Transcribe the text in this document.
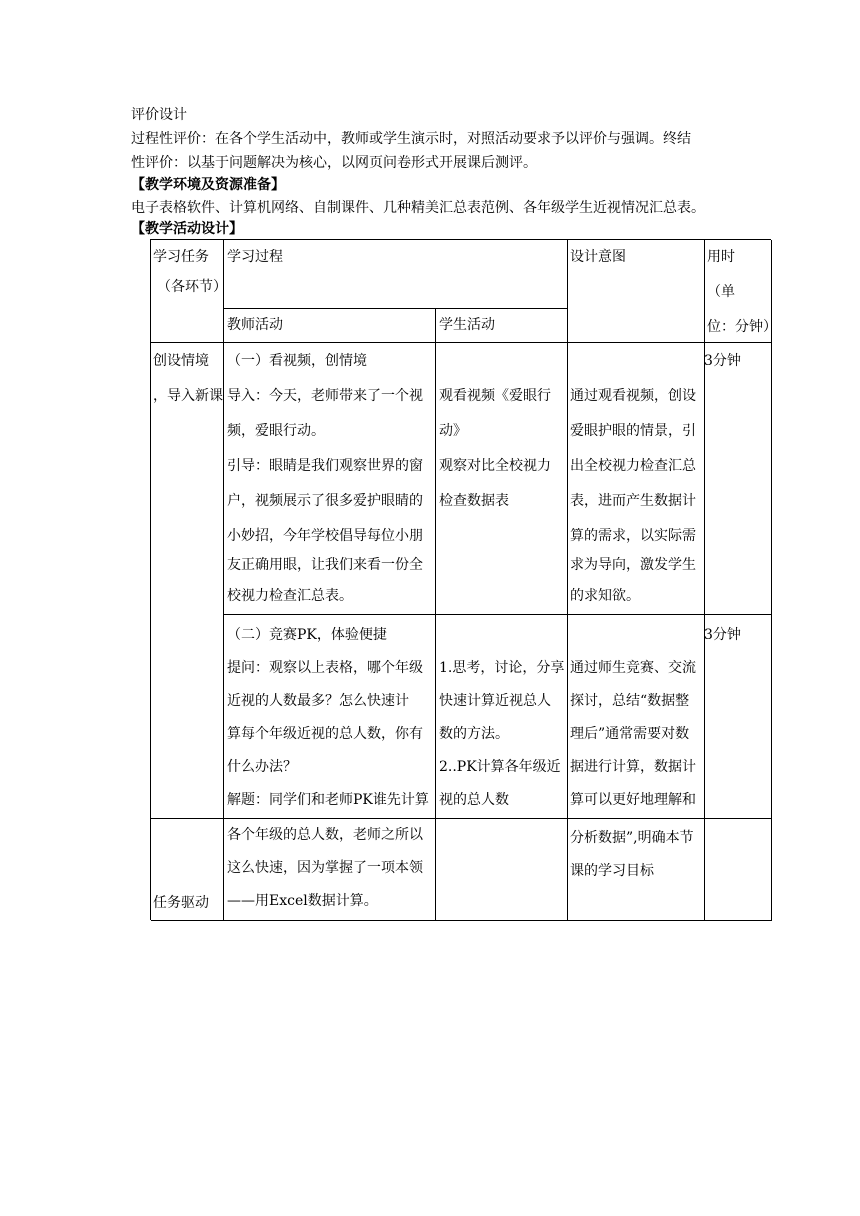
评价设计
过程性评价：在各个学生活动中，教师或学生演示时，对照活动要求予以评价与强调。终结
性评价：以基于问题解决为核心，以网页问卷形式开展课后测评。
【教学环境及资源准备】
电子表格软件、计算机网络、自制课件、几种精美汇总表范例、各年级学生近视情况汇总表。
【教学活动设计】
学习任务
（各环节）
学习过程
教师活动	学生活动
设计意图	用时
（单
位：分钟）
创设情境
，导入新课
（一）看视频，创情境
导入：今天，老师带来了一个视
频，爱眼行动。
引导：眼睛是我们观察世界的窗
户，视频展示了很多爱护眼睛的
小妙招，今年学校倡导每位小朋
友正确用眼，让我们来看一份全
校视力检查汇总表。
观看视频《爱眼行
动》
观察对比全校视力
检查数据表
通过观看视频，创设
爱眼护眼的情景，引
出全校视力检查汇总
表，进而产生数据计
算的需求，以实际需
求为导向，激发学生
的求知欲。
3分钟
（二）竞赛PK，体验便捷
提问：观察以上表格，哪个年级
近视的人数最多？怎么快速计
算每个年级近视的总人数，你有
什么办法？
解题：同学们和老师PK谁先计算
1.思考，讨论，分享
快速计算近视总人
数的方法。
2..PK计算各年级近
视的总人数
通过师生竞赛、交流
探讨，总结“数据整
理后”通常需要对数
据进行计算，数据计
算可以更好地理解和
3分钟
任务驱动
各个年级的总人数，老师之所以
这么快速，因为掌握了一项本领
——用Excel数据计算。
分析数据”,明确本节
课的学习目标
